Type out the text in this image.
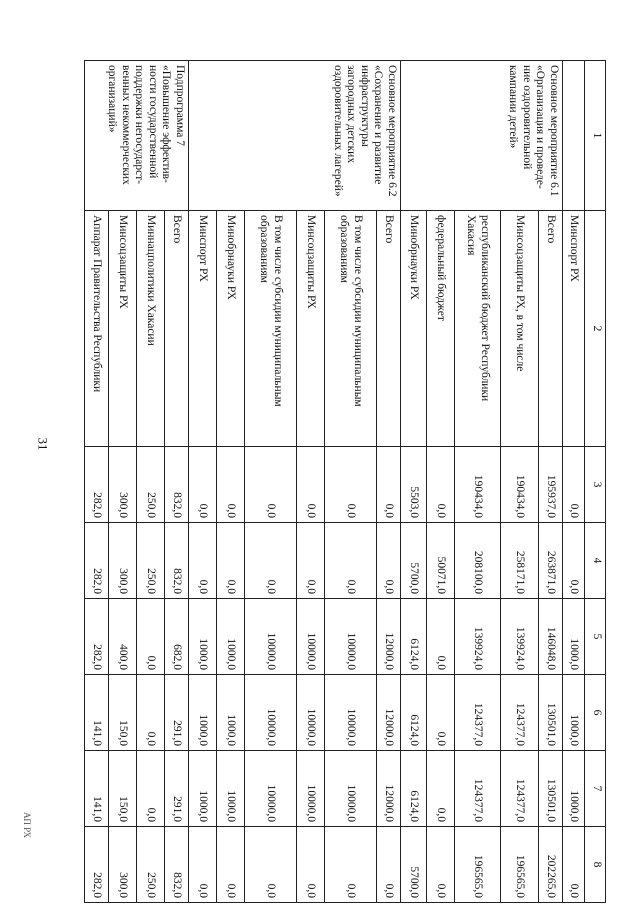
31
АП РХ
1	2	3	4	5	6	7	8
	Минспорт РХ	0,0	0,0	1000,0	1000,0	1000,0	0,0
Основное мероприятие 6.1 «Организация и проведе-ние оздоровительной кампании детей»	Всего	195937,0	263871,0	146048,0	130501,0	130501,0	202265,0
	Минсоцзащиты РХ, в том числе	190434,0	258171,0	139924,0	124377,0	124377,0	196565,0
	республиканский бюджет Республики Хакасия	190434,0	208100,0	139924,0	124377,0	124377,0	196565,0
	федеральный бюджет	0,0	50071,0	0,0	0,0	0,0	0,0
	Минобрнауки РХ	5503,0	5700,0	6124,0	6124,0	6124,0	5700,0
Основное мероприятие 6.2 «Сохранение и развитие инфраструктуры загородных детских оздоровительных лагерей»	Всего	0,0	0,0	12000,0	12000,0	12000,0	0,0
	В том числе субсидии муниципальным образованиям	0,0	0,0	10000,0	10000,0	10000,0	0,0
	Минсоцзащиты РХ	0,0	0,0	10000,0	10000,0	10000,0	0,0
	В том числе субсидии муниципальным образованиям	0,0	0,0	10000,0	10000,0	10000,0	0,0
	Минобрнауки РХ	0,0	0,0	1000,0	1000,0	1000,0	0,0
	Минспорт РХ	0,0	0,0	1000,0	1000,0	1000,0	0,0
Подпрограмма 7 «Повышение эффектив-ности государственной поддержки негосударст-венных некоммерческих организаций»	Всего	832,0	832,0	682,0	291,0	291,0	832,0
	Миннацполитики Хакасии	250,0	250,0	0,0	0,0	0,0	250,0
	Минсоцзащиты РХ	300,0	300,0	400,0	150,0	150,0	300,0
	Аппарат Правительства Республики	282,0	282,0	282,0	141,0	141,0	282,0
